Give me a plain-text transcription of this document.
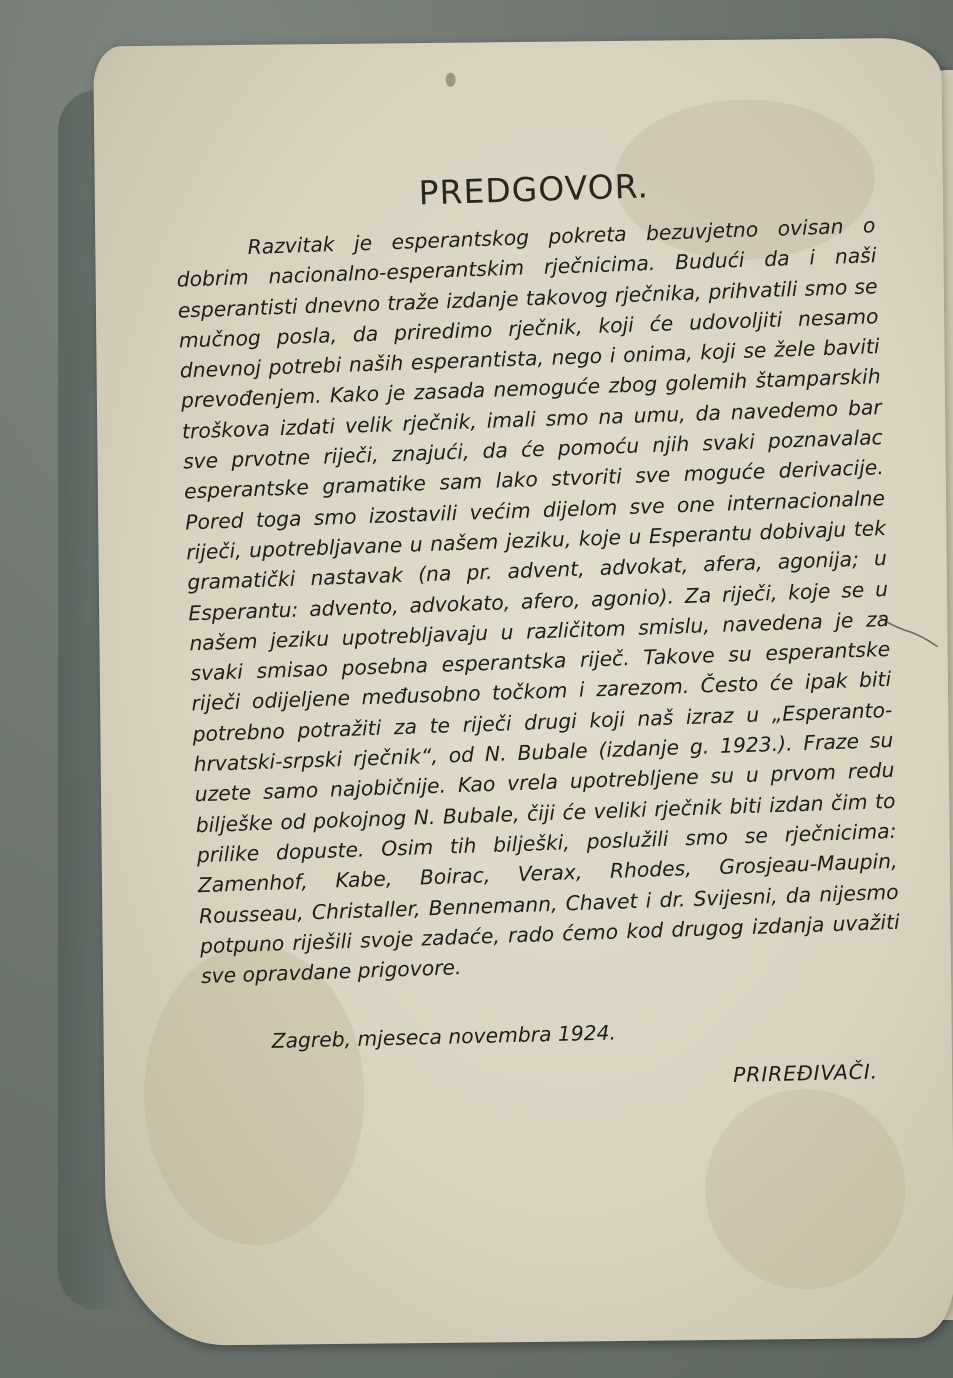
PREDGOVOR.

Razvitak je esperantskog pokreta bezuvjetno ovisan o dobrim nacionalno-esperantskim rječnicima. Budući da i naši esperantisti dnevno traže izdanje takovog rječnika, prihvatili smo se mučnog posla, da priredimo rječnik, koji će udovoljiti nesamo dnevnoj potrebi naših esperantista, nego i onima, koji se žele baviti prevođenjem. Kako je zasada nemoguće zbog golemih štamparskih troškova izdati velik rječnik, imali smo na umu, da navedemo bar sve prvotne riječi, znajući, da će pomoću njih svaki poznavalac esperantske gramatike sam lako stvoriti sve moguće derivacije. Pored toga smo izostavili većim dijelom sve one internacionalne riječi, upotrebljavane u našem jeziku, koje u Esperantu dobivaju tek gramatički nastavak (na pr. advent, advokat, afera, agonija; u Esperantu: advento, advokato, afero, agonio). Za riječi, koje se u našem jeziku upotrebljavaju u različitom smislu, navedena je za svaki smisao posebna esperantska riječ. Takove su esperantske riječi odijeljene međusobno točkom i zarezom. Često će ipak biti potrebno potražiti za te riječi drugi koji naš izraz u „Esperanto-hrvatski-srpski rječnik“, od N. Bubale (izdanje g. 1923.). Fraze su uzete samo najobičnije. Kao vrela upotrebljene su u prvom redu bilješke od pokojnog N. Bubale, čiji će veliki rječnik biti izdan čim to prilike dopuste. Osim tih bilješki, poslužili smo se rječnicima: Zamenhof, Kabe, Boirac, Verax, Rhodes, Grosjeau-Maupin, Rousseau, Christaller, Bennemann, Chavet i dr. Svijesni, da nijesmo potpuno riješili svoje zadaće, rado ćemo kod drugog izdanja uvažiti sve opravdane prigovore.

Zagreb, mjeseca novembra 1924.
PRIREĐIVAČI.
